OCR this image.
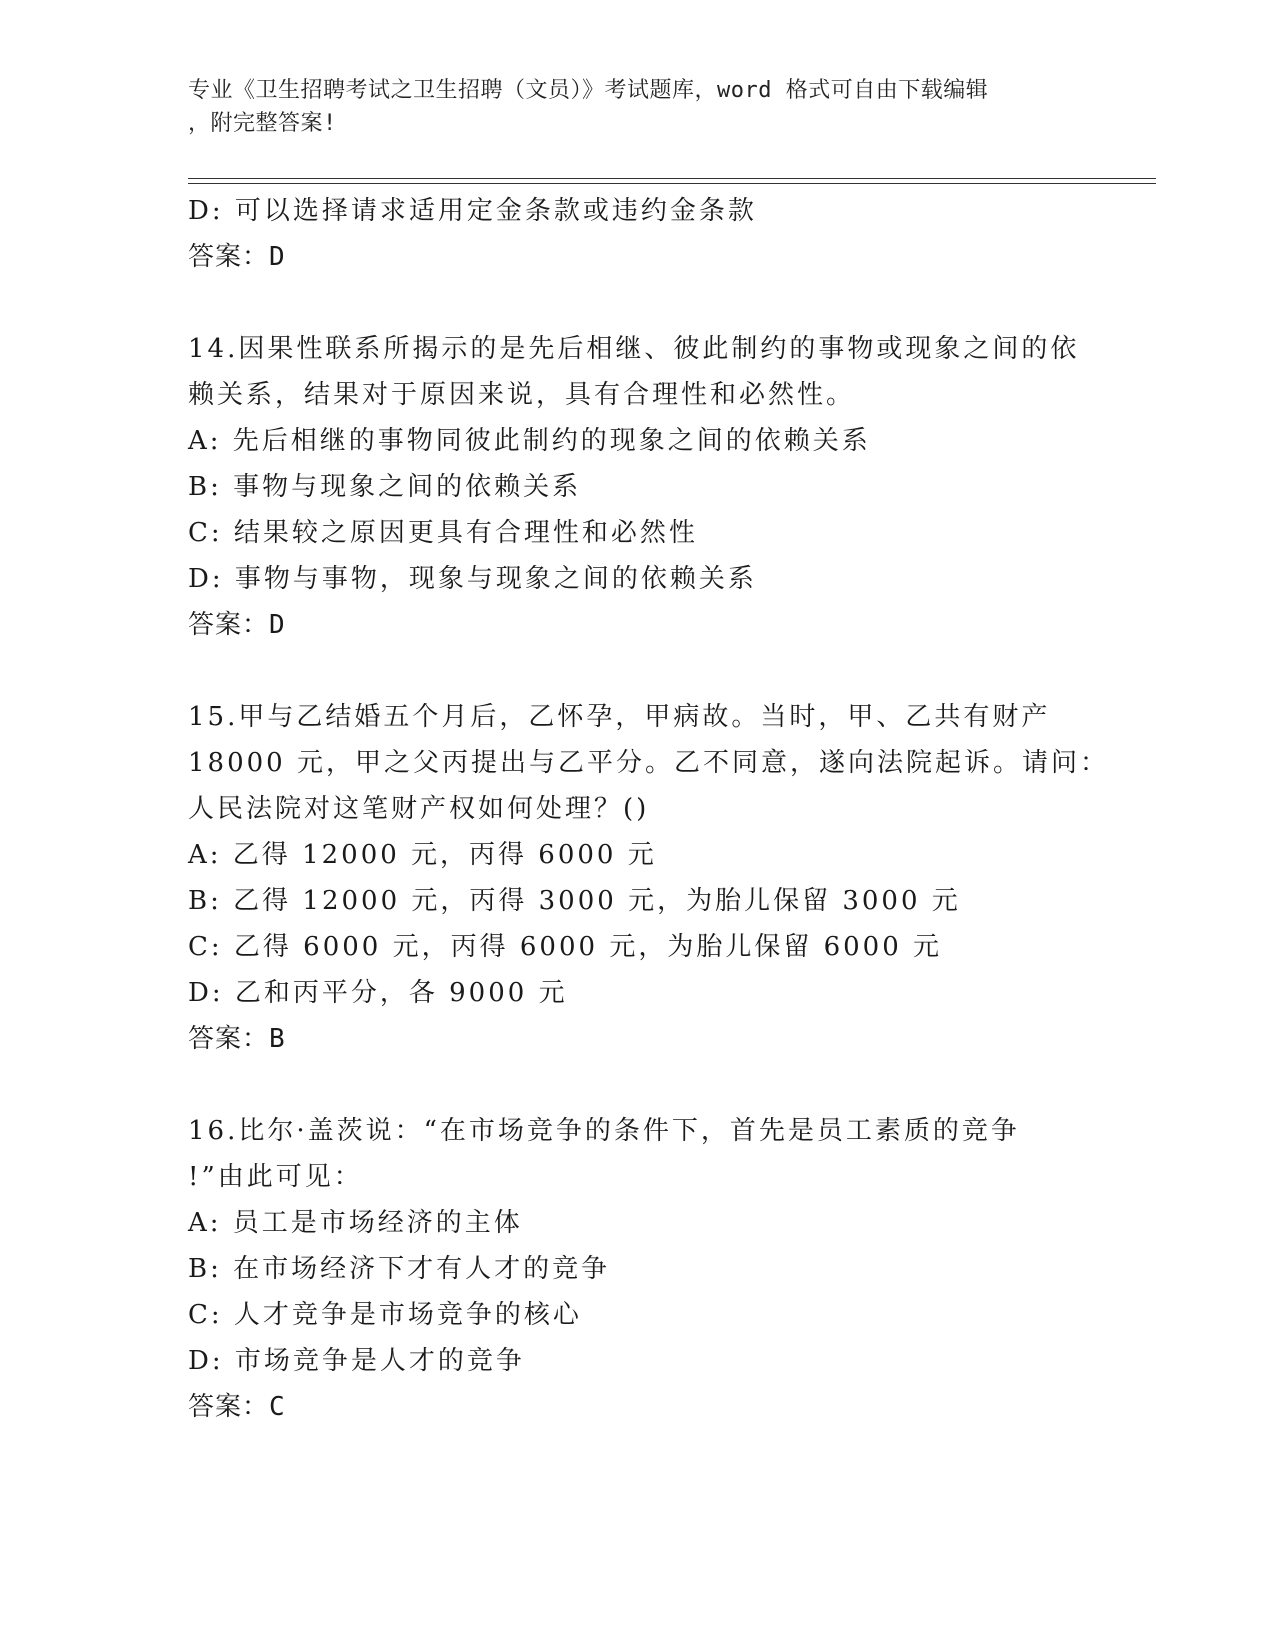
专业《卫生招聘考试之卫生招聘（文员）》考试题库，word 格式可自由下载编辑
，附完整答案!
D: 可以选择请求适用定金条款或违约金条款
答案：D
14.因果性联系所揭示的是先后相继、彼此制约的事物或现象之间的依
赖关系，结果对于原因来说，具有合理性和必然性。
A: 先后相继的事物同彼此制约的现象之间的依赖关系
B: 事物与现象之间的依赖关系
C: 结果较之原因更具有合理性和必然性
D: 事物与事物，现象与现象之间的依赖关系
答案：D
15.甲与乙结婚五个月后，乙怀孕，甲病故。当时，甲、乙共有财产
18000 元，甲之父丙提出与乙平分。乙不同意，遂向法院起诉。请问：
人民法院对这笔财产权如何处理？()
A: 乙得 12000 元，丙得 6000 元
B: 乙得 12000 元，丙得 3000 元，为胎儿保留 3000 元
C: 乙得 6000 元，丙得 6000 元，为胎儿保留 6000 元
D: 乙和丙平分，各 9000 元
答案：B
16.比尔·盖茨说：“在市场竞争的条件下，首先是员工素质的竞争
!”由此可见：
A: 员工是市场经济的主体
B: 在市场经济下才有人才的竞争
C: 人才竞争是市场竞争的核心
D: 市场竞争是人才的竞争
答案：C
